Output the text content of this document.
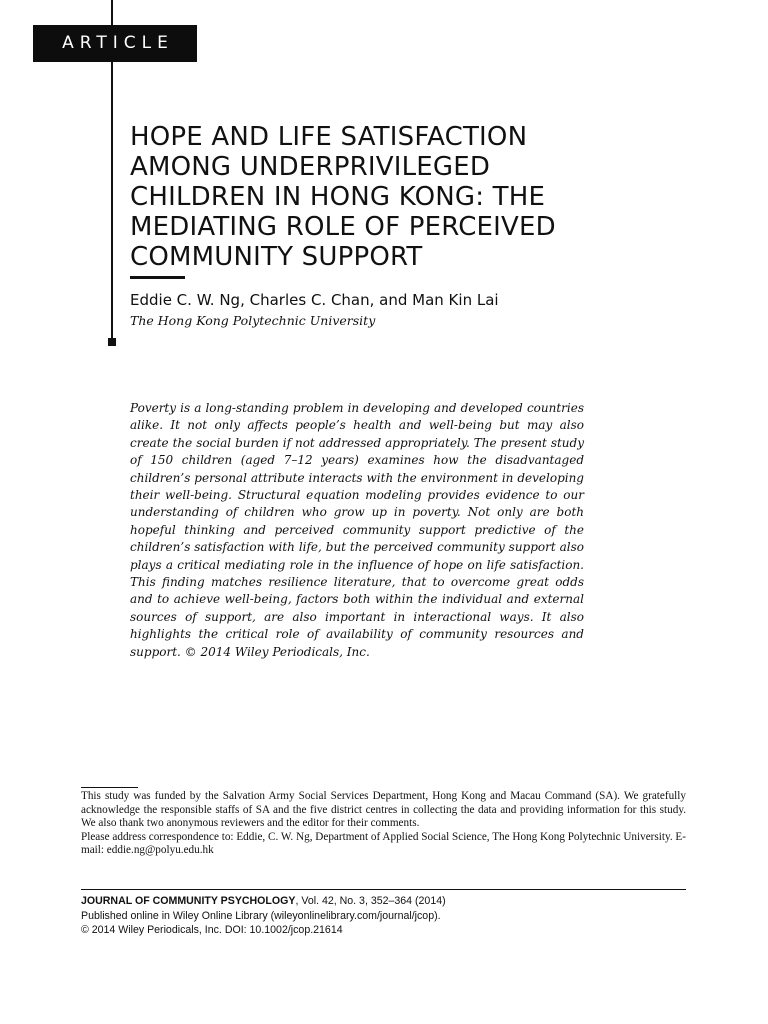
ARTICLE
HOPE AND LIFE SATISFACTION AMONG UNDERPRIVILEGED CHILDREN IN HONG KONG: THE MEDIATING ROLE OF PERCEIVED COMMUNITY SUPPORT
Eddie C. W. Ng, Charles C. Chan, and Man Kin Lai
The Hong Kong Polytechnic University

Poverty is a long-standing problem in developing and developed countries alike. It not only affects people’s health and well-being but may also create the social burden if not addressed appropriately. The present study of 150 children (aged 7–12 years) examines how the disadvantaged children’s personal attribute interacts with the environment in developing their well-being. Structural equation modeling provides evidence to our understanding of children who grow up in poverty. Not only are both hopeful thinking and perceived community support predictive of the children’s satisfaction with life, but the perceived community support also plays a critical mediating role in the influence of hope on life satisfaction. This finding matches resilience literature, that to overcome great odds and to achieve well-being, factors both within the individual and external sources of support, are also important in interactional ways. It also highlights the critical role of availability of community resources and support. © 2014 Wiley Periodicals, Inc.

This study was funded by the Salvation Army Social Services Department, Hong Kong and Macau Command (SA). We gratefully acknowledge the responsible staffs of SA and the five district centres in collecting the data and providing information for this study. We also thank two anonymous reviewers and the editor for their comments.

Please address correspondence to: Eddie, C. W. Ng, Department of Applied Social Science, The Hong Kong Polytechnic University. E-mail: eddie.ng@polyu.edu.hk

JOURNAL OF COMMUNITY PSYCHOLOGY, Vol. 42, No. 3, 352–364 (2014)
Published online in Wiley Online Library (wileyonlinelibrary.com/journal/jcop).
© 2014 Wiley Periodicals, Inc. DOI: 10.1002/jcop.21614
